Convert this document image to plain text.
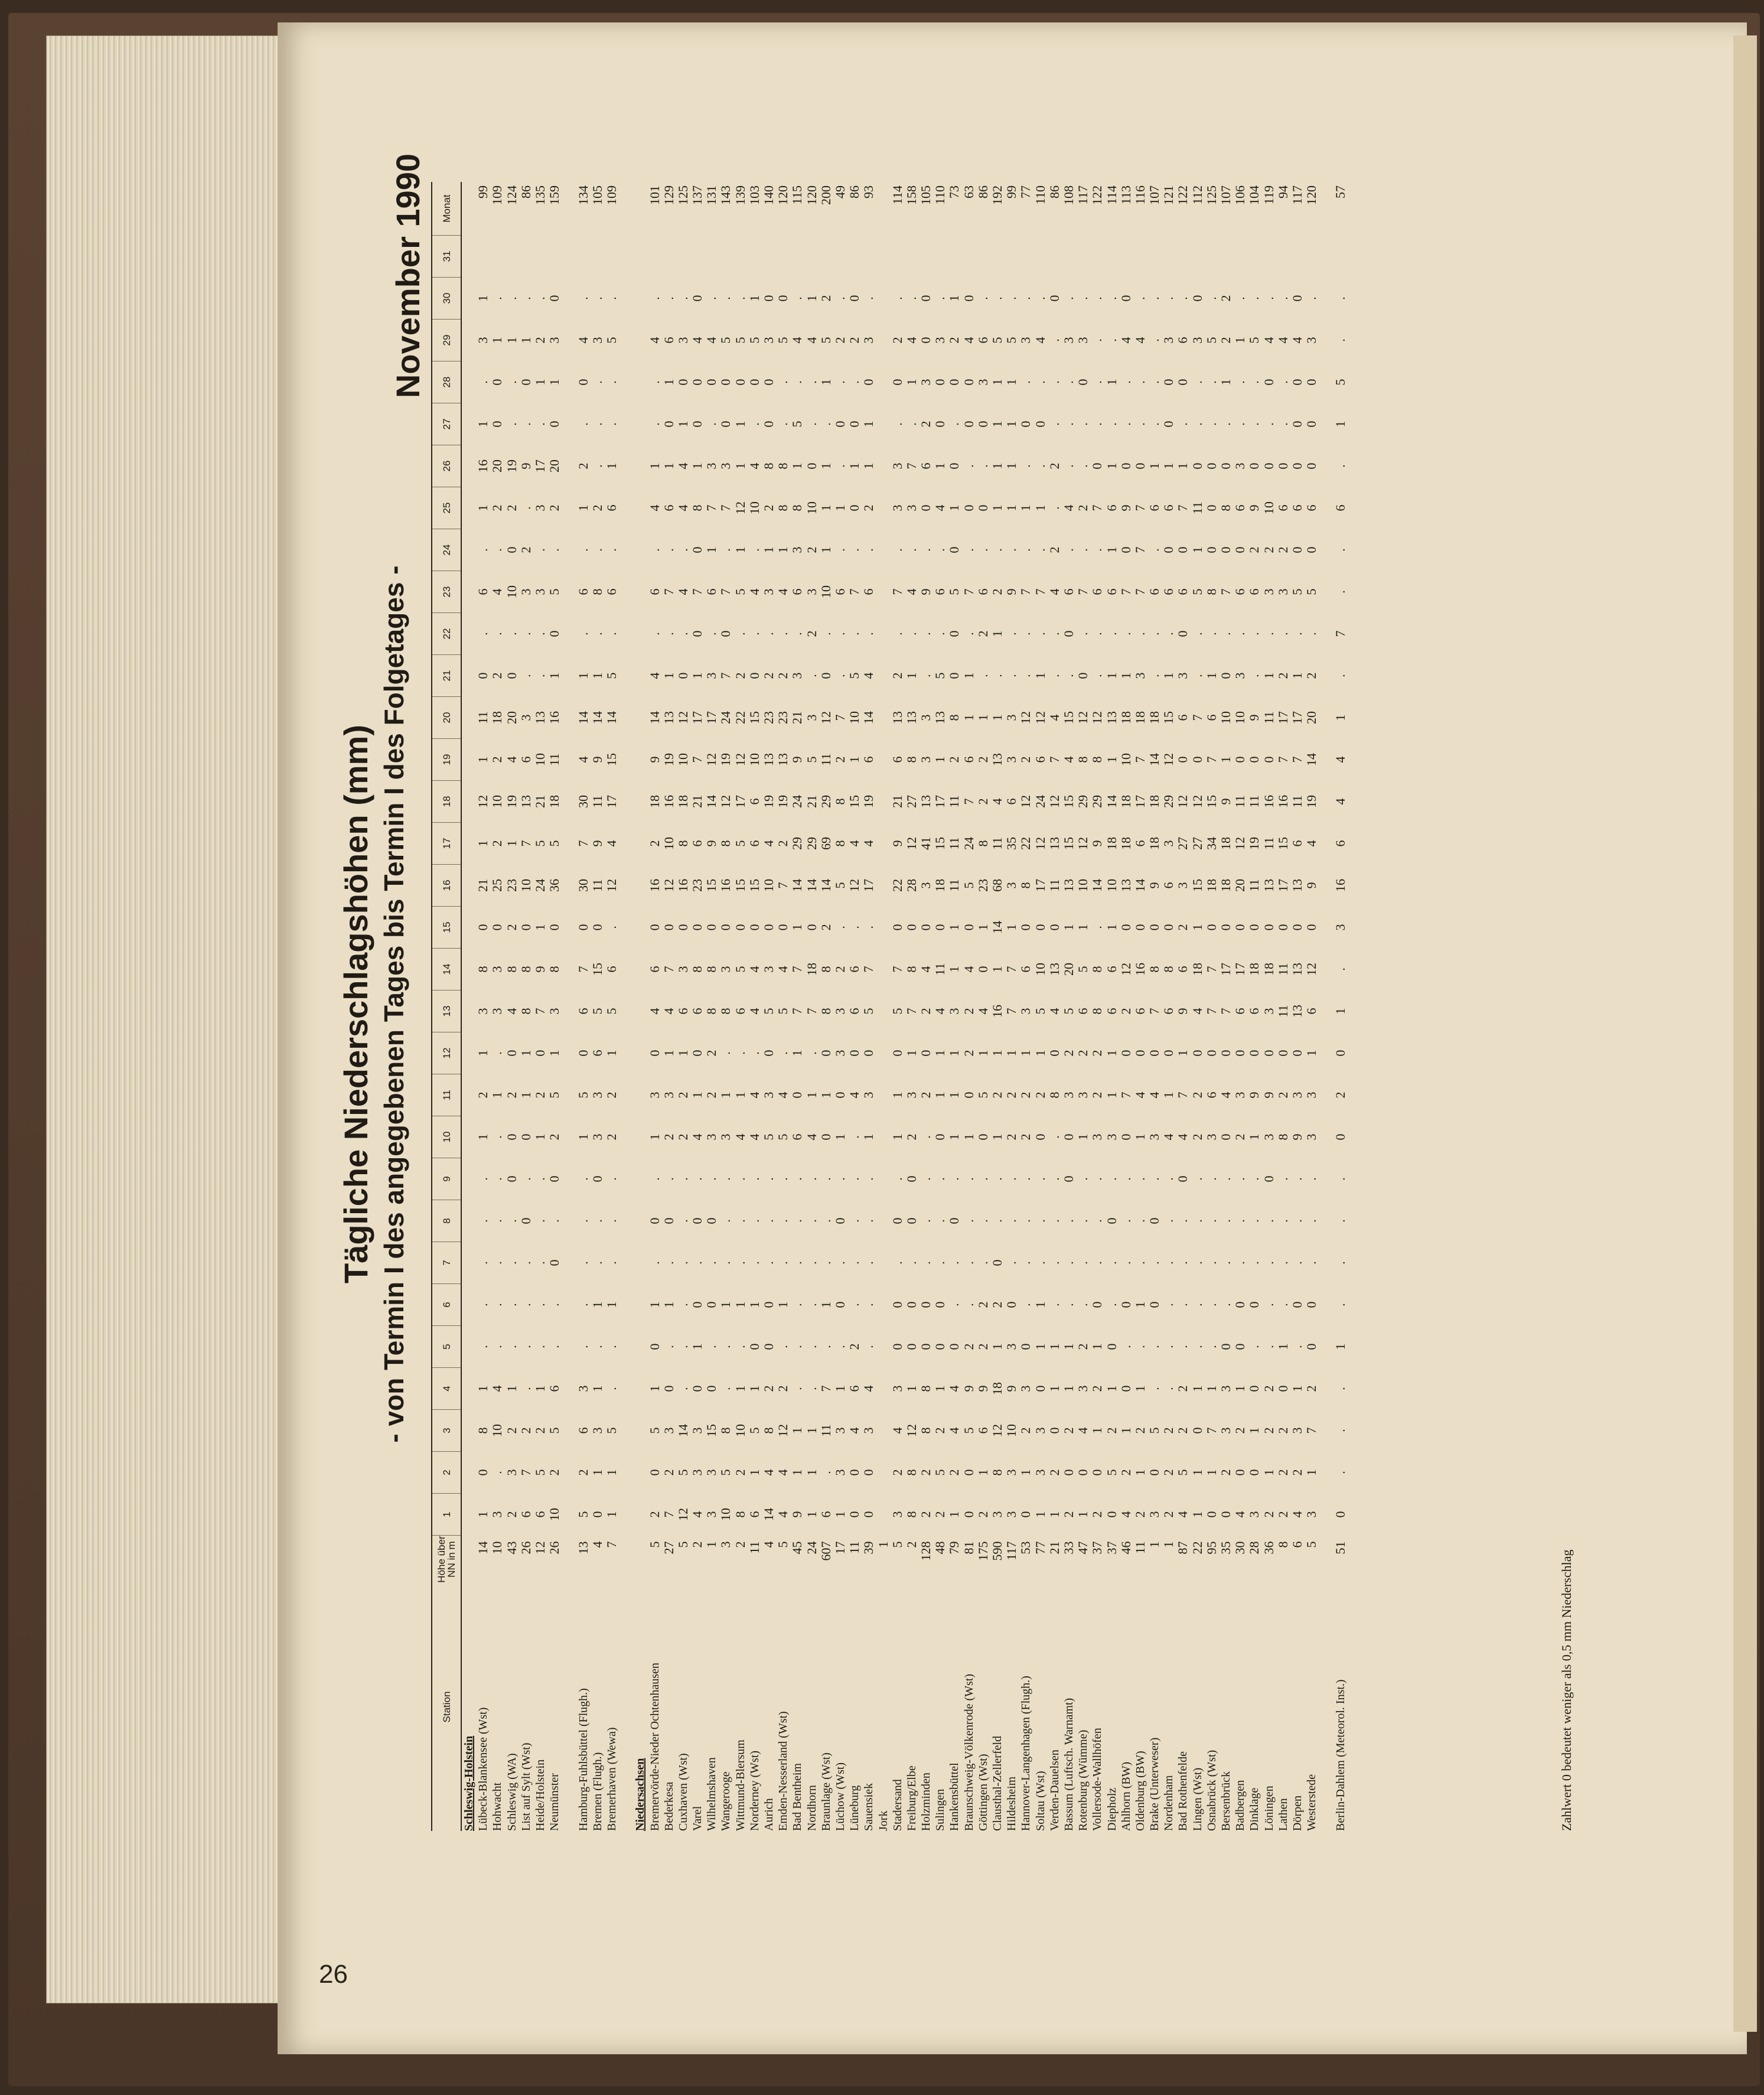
26
Tägliche Niederschlagshöhen (mm) - von Termin I des angegebenen Tages bis Termin I des Folgetages -
November 1990
Station	Höhe über
NN in m	1	2	3	4	5	6	7	8	9	10	11	12	13	14	15	16	17	18	19	20	21	22	23	24	25	26	27	28	29	30	31	Monat
Schleswig-Holstein																																	
Lübeck-Blankensee (Wst)	14	1	0	8	1	.	.	.	.	.	1	2	1	3	8	0	21	1	12	1	11	0	.	6	.	1	16	1	.	3	1		99
Hohwacht	10	3	.	10	4	.	.	.	.	.	.	1	.	3	3	0	25	2	10	2	18	2	.	4	.	2	20	0	0	1	.		109
Schleswig (WA)	43	2	3	2	1	.	.	.	.	0	0	2	0	4	8	2	23	1	19	4	20	0	.	10	0	2	19	.	.	1	.		124
List auf Sylt (Wst)	26	6	7	2	.	.	.	.	0	.	0	1	1	8	8	0	10	7	13	6	3	.	.	3	2	.	9	.	0	1	.		86
Heide/Holstein	12	6	5	2	1	.	.	.	.	.	1	2	0	7	9	1	24	5	21	10	13	.	.	3	.	3	17	.	1	2	.		135
Neumünster	26	10	2	5	6	.	.	0	.	0	2	5	1	3	8	0	36	5	18	11	16	1	0	5	.	2	20	0	1	3	0		159

Hamburg-Fuhlsbüttel (Flugh.)	13	5	2	6	3	.	.	.	.	.	1	5	0	6	7	0	30	7	30	4	14	1	.	6	.	1	2	.	0	4	.		134
Bremen (Flugh.)	4	0	1	3	1	.	1	.	.	0	3	3	6	5	15	0	11	9	11	9	14	1	.	8	.	2	.	.	.	3	.		105
Bremerhaven (Wewa)	7	1	1	5	.	.	1	.	.	.	2	2	1	5	6	.	12	4	17	15	14	5	.	6	.	6	1	.	.	5	.		109

Niedersachsen																																	
Bremervörde-Nieder Ochtenhausen	5	2	0	5	1	0	1	.	0	.	1	3	0	4	6	0	16	2	18	9	14	4	.	6	.	4	1	.	.	4	.		101
Bederkesa	27	7	2	3	0	.	1	.	0	.	2	3	1	4	7	0	12	10	16	19	13	1	.	7	.	6	1	0	1	6	.		129
Cuxhaven (Wst)	5	12	5	14	.	.	.	.	.	.	2	2	1	6	3	0	16	8	18	10	12	0	.	4	.	4	4	1	0	3	.		125
Varel	2	4	3	3	0	1	0	.	0	.	4	1	0	6	8	0	23	6	21	7	17	1	0	7	0	8	1	0	0	4	0		137
Wilhelmshaven	1	3	3	15	0	.	0	.	0	.	3	2	2	8	8	0	15	9	14	12	17	3	.	6	1	7	3	.	0	4	.		131
Wangerooge	3	10	5	8	.	.	1	.	.	.	3	1	.	8	3	0	16	8	12	19	24	7	0	7	.	7	3	0	0	5	.		143
Wittmund-Blersum	2	8	2	10	1	.	1	.	.	.	4	1	.	6	5	0	15	5	17	12	22	2	.	5	1	12	1	1	0	5	.		139
Norderney (Wst)	11	6	1	5	1	0	1	.	.	.	4	4	.	4	4	0	15	6	6	10	15	0	.	4	.	10	4	.	0	5	1		103
Aurich	4	14	4	8	2	0	0	.	.	.	5	3	0	5	3	0	10	4	19	13	23	2	.	3	1	2	8	0	0	3	0		140
Emden-Nesserland (Wst)	5	4	4	12	2	.	1	.	.	.	5	4	.	5	4	0	7	2	19	13	23	2	.	4	1	8	8	.	.	5	0		120
Bad Bentheim	45	9	1	1	.	.	.	.	.	.	6	0	1	7	7	1	14	29	24	9	21	3	.	6	3	8	1	5	.	4	.		115
Nordhorn	24	1	1	1	.	.	.	.	.	.	4	1	.	7	18	0	14	29	21	5	3	.	2	3	2	10	0	.	.	4	1		120
Braunlage (Wst)	607	6	.	11	7	.	1	.	.	.	0	1	0	8	8	2	14	69	29	11	12	0	.	10	1	1	1	.	1	5	2		200
Lüchow (Wst)	17	1	3	3	1	.	0	.	0	.	1	0	3	3	2	.	5	8	8	2	7	.	.	6	.	1	.	0	.	2	.		49
Lüneburg	11	0	0	4	6	2	.	.	.	.	.	4	0	6	6	.	12	4	15	1	10	5	.	7	.	0	1	0	.	2	0		86
Sauensiek	39	0	0	3	4	.	.	.	.	.	1	3	0	5	7	.	17	4	19	6	14	4	.	6	.	2	1	1	0	3	.		93
Jork	1																																
Stadersand	5	3	2	4	3	0	0	.	0	.	1	1	0	5	7	0	22	9	21	6	13	2	.	7	.	3	3	.	0	2	.		114
Freiburg/Elbe	2	8	8	12	1	0	0	.	0	0	2	3	1	7	8	0	28	12	27	8	13	1	.	4	.	3	7	.	1	4	.		158
Holzminden	128	2	2	8	8	0	0	.	.	.	.	2	0	2	4	0	3	41	13	3	3	.	.	9	.	0	6	2	3	0	0		105
Sulingen	48	2	5	2	1	0	0	.	.	.	0	1	1	4	11	0	18	15	17	1	13	5	.	6	.	4	1	0	0	3	.		110
Hankensbüttel	79	1	2	4	4	0	.	.	0	.	1	1	1	3	1	1	11	11	11	2	8	0	0	5	0	1	0	.	0	2	1		73
Braunschweig-Völkenrode (Wst)	81	0	0	5	9	2	.	.	.	.	1	0	2	2	4	0	5	24	7	6	1	1	.	7	.	0	.	0	0	4	0		63
Göttingen (Wst)	175	2	1	6	9	2	2	.	.	.	0	5	1	4	0	1	23	8	2	2	1	.	2	6	.	0	.	0	3	6	.		86
Clausthal-Zellerfeld	590	3	8	12	18	1	2	0	.	.	1	2	1	16	1	14	68	11	4	13	1	.	1	2	.	1	1	1	1	5	.		192
Hildesheim	117	3	3	10	9	3	0	.	.	.	2	2	1	7	7	1	3	35	6	3	3	.	.	9	.	1	1	1	1	5	.		99
Hannover-Langenhagen (Flugh.)	53	0	1	2	3	0	.	.	.	.	2	2	1	3	6	0	8	22	12	2	12	.	.	7	.	1	.	0	.	3	.		77
Soltau (Wst)	77	1	3	3	0	1	1	.	.	.	0	2	1	5	10	0	17	12	24	6	12	1	.	7	.	1	.	0	.	4	.		110
Verden-Dauelsen	21	1	2	0	1	1	.	.	.	.	.	8	0	4	13	0	11	13	12	7	4	.	.	4	2	.	2	.	.	.	0		86
Bassum (Luftsch. Warnamt)	33	2	0	2	1	1	.	.	.	0	0	3	2	5	20	1	13	15	15	4	15	.	0	6	.	4	.	.	.	3	.		108
Rotenburg (Wümme)	47	1	0	4	3	2	.	.	.	.	1	3	2	6	5	1	10	12	29	8	12	0	.	7	.	2	.	.	0	3	.		117
Vollersode-Wallhöfen	37	2	0	1	2	1	0	.	.	.	3	2	2	8	8	.	14	9	29	8	12	.	.	6	.	7	0	.	.	.	.		122
Diepholz	37	0	5	2	1	0	.	.	0	.	3	1	1	6	6	1	10	18	14	1	13	1	.	6	1	6	1	.	1	.	.		114
Ahlhorn (BW)	46	4	2	1	0	.	0	.	.	.	0	7	0	2	12	0	13	18	18	10	18	1	.	7	0	9	0	.	.	4	0		113
Oldenburg (BW)	11	2	1	2	1	.	1	.	.	.	1	4	0	6	16	0	14	6	17	7	18	3	.	7	7	7	0	.	.	4	.		116
Brake (Unterweser)	1	3	0	5	.	.	0	.	0	.	3	4	0	7	8	0	9	18	18	14	18	.	.	6	.	6	1	.	.	.	.		107
Nordenham	1	2	2	2	.	.	.	.	.	.	4	1	0	6	8	0	6	3	29	12	15	1	.	6	0	6	1	0	0	3	.		121
Bad Rothenfelde	87	4	5	2	2	.	.	.	.	0	4	7	1	9	6	2	3	27	12	0	6	3	0	6	0	7	1	.	0	6	.		122
Lingen (Wst)	22	1	1	0	1	.	.	.	.	.	2	2	0	4	18	1	15	27	12	0	7	.	.	5	1	11	0	.	.	3	0		112
Osnabrück (Wst)	95	0	1	7	1	.	.	.	.	.	3	6	0	7	7	0	18	34	15	7	6	1	.	8	0	0	0	.	.	5	.		125
Bersenbrück	35	0	2	3	3	0	.	.	.	.	0	4	0	7	17	0	18	18	9	1	10	0	.	7	0	8	0	.	1	2	2		107
Badbergen	30	4	0	2	1	0	0	.	.	.	2	3	0	6	17	0	20	12	11	0	10	3	.	6	0	6	3	.	.	1	.		106
Dinklage	28	3	0	1	0	.	0	.	.	.	1	9	0	6	18	0	11	19	11	0	9	.	.	6	2	9	0	.	.	5	.		104
Löningen	36	2	1	2	2	.	.	.	.	0	3	9	0	3	18	0	13	11	16	0	11	1	.	3	2	10	0	.	0	4	.		119
Lathen	8	2	2	2	0	1	.	.	.	.	8	2	0	11	11	0	17	15	16	7	17	2	.	3	2	6	0	.	.	4	.		94
Dörpen	6	4	2	3	1	.	0	.	.	.	9	3	0	13	13	0	13	6	11	7	17	1	.	5	0	6	0	0	0	4	0		117
Westerstede	5	3	1	7	2	0	0	.	.	.	3	3	1	6	12	0	9	4	19	14	20	2	.	5	0	6	0	0	0	3	.		120

Berlin-Dahlem (Meteorol. Inst.)	51	0	.	.	.	1	.	.	.	.	0	2	0	1	.	3	16	6	4	4	1	.	7	.	.	6	.	1	5	.	.		57
Zahlwert 0 bedeutet weniger als 0,5 mm Niederschlag
